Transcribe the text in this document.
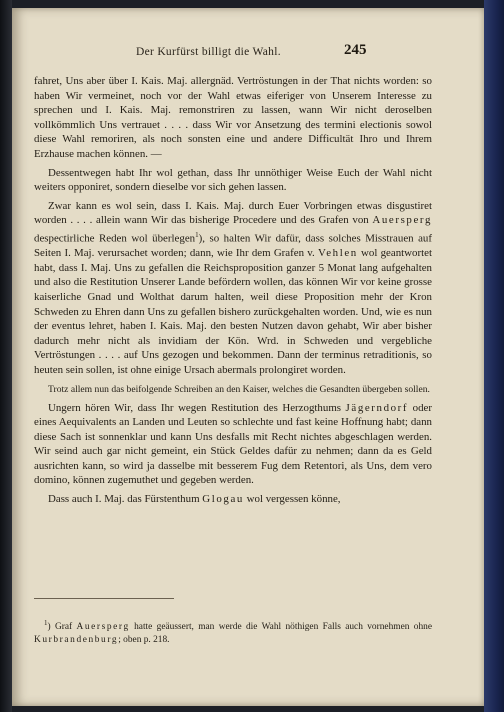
Der Kurfürst billigt die Wahl.	245

fahret, Uns aber über I. Kais. Maj. allergnäd. Vertröstungen in der That nichts worden: so haben Wir vermeinet, noch vor der Wahl etwas eiferiger von Unserem Interesse zu sprechen und I. Kais. Maj. remonstriren zu lassen, wann Wir nicht deroselben vollkömmlich Uns vertrauet . . . . dass Wir vor Ansetzung des termini electionis sowol diese Wahl remoriren, als noch sonsten eine und andere Difficultät Ihro und Ihrem Erzhause machen können. —

Dessentwegen habt Ihr wol gethan, dass Ihr unnöthiger Weise Euch der Wahl nicht weiters opponiret, sondern dieselbe vor sich gehen lassen.

Zwar kann es wol sein, dass I. Kais. Maj. durch Euer Vorbringen etwas disgustiret worden . . . . allein wann Wir das bisherige Procedere und des Grafen von Auersperg despectirliche Reden wol überlegen$^1$), so halten Wir dafür, dass solches Misstrauen auf Seiten I. Maj. verursachet worden; dann, wie Ihr dem Grafen v. Vehlen wol geantwortet habt, dass I. Maj. Uns zu gefallen die Reichsproposition ganzer 5 Monat lang aufgehalten und also die Restitution Unserer Lande befördern wollen, das können Wir vor keine grosse kaiserliche Gnad und Wolthat darum halten, weil diese Proposition mehr der Kron Schweden zu Ehren dann Uns zu gefallen bishero zurückgehalten worden. Und, wie es nun der eventus lehret, haben I. Kais. Maj. den besten Nutzen davon gehabt, Wir aber bisher dadurch mehr nicht als invidiam der Kön. Wrd. in Schweden und vergebliche Vertröstungen . . . . auf Uns gezogen und bekommen. Dann der terminus retraditionis, so heuten sein sollen, ist ohne einige Ursach abermals prolongiret worden.

Trotz allem nun das beifolgende Schreiben an den Kaiser, welches die Gesandten übergeben sollen.

Ungern hören Wir, dass Ihr wegen Restitution des Herzogthums Jägerndorf oder eines Aequivalents an Landen und Leuten so schlechte und fast keine Hoffnung habt; dann diese Sach ist sonnenklar und kann Uns desfalls mit Recht nichtes abgeschlagen werden. Wir seind auch gar nicht gemeint, ein Stück Geldes dafür zu nehmen; dann da es Geld ausrichten kann, so wird ja dasselbe mit besserem Fug dem Retentori, als Uns, dem vero domino, können zugemuthet und gegeben werden.

Dass auch I. Maj. das Fürstenthum Glogau wol vergessen könne,

$^1$) Graf Auersperg hatte geäussert, man werde die Wahl nöthigen Falls auch vornehmen ohne Kurbrandenburg; oben p. 218.
